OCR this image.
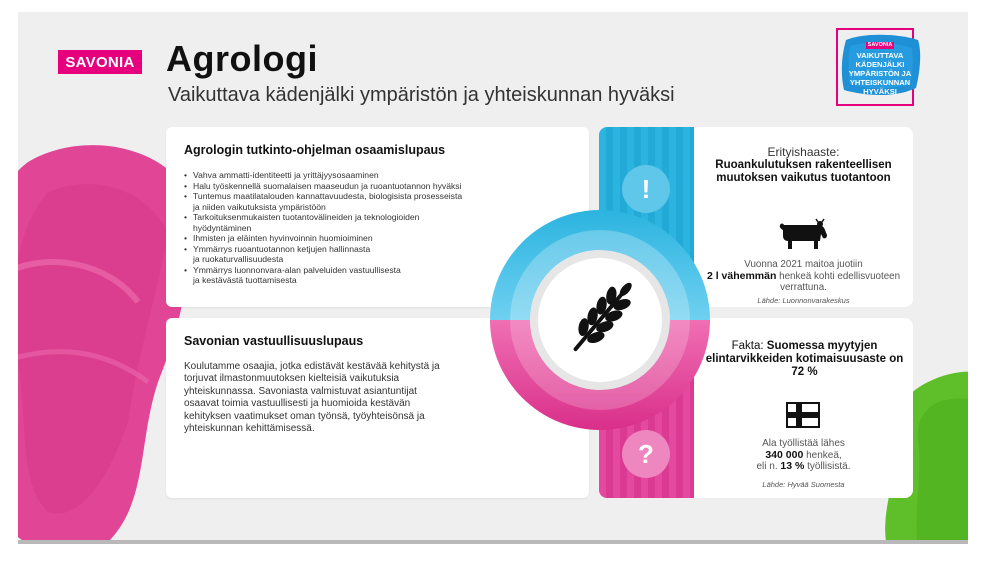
SAVONIA Agrologi
Vaikuttava kädenjälki ympäristön ja yhteiskunnan hyväksi
SAVONIA
VAIKUTTAVA
KÄDENJÄLKI
YMPÄRISTÖN JA
YHTEISKUNNAN
HYVÄKSI
Agrologin tutkinto-ohjelman osaamislupaus
• Vahva ammatti-identiteetti ja yrittäjyysosaaminen
• Halu työskennellä suomalaisen maaseudun ja ruoantuotannon hyväksi
• Tuntemus maatilatalouden kannattavuudesta, biologisista prosesseista
ja niiden vaikutuksista ympäristöön
• Tarkoituksenmukaisten tuotantovälineiden ja teknologioiden
hyödyntäminen
• Ihmisten ja eläinten hyvinvoinnin huomioiminen
• Ymmärrys ruoantuotannon ketjujen hallinnasta
ja ruokaturvallisuudesta
• Ymmärrys luonnonvara-alan palveluiden vastuullisesta
ja kestävästä tuottamisesta
Savonian vastuullisuuslupaus

Koulutamme osaajia, jotka edistävät kestävää kehitystä ja torjuvat ilmastonmuutoksen kielteisiä vaikutuksia yhteiskunnassa. Savoniasta valmistuvat asiantuntijat osaavat toimia vastuullisesti ja huomioida kestävän kehityksen vaatimukset oman työnsä, työyhteisönsä ja yhteiskunnan kehittämisessä.

!
Erityishaaste:
Ruoankulutuksen rakenteellisen muutoksen vaikutus tuotantoon
Vuonna 2021 maitoa juotiin
2 l vähemmän henkeä kohti edellisvuoteen verrattuna.
Lähde: Luonnonvarakeskus
?
Fakta: Suomessa myytyjen elintarvikkeiden kotimaisuusaste on 72 %
Ala työllistää lähes
340 000 henkeä,
eli n. 13 % työllisistä.
Lähde: Hyvää Suomesta
